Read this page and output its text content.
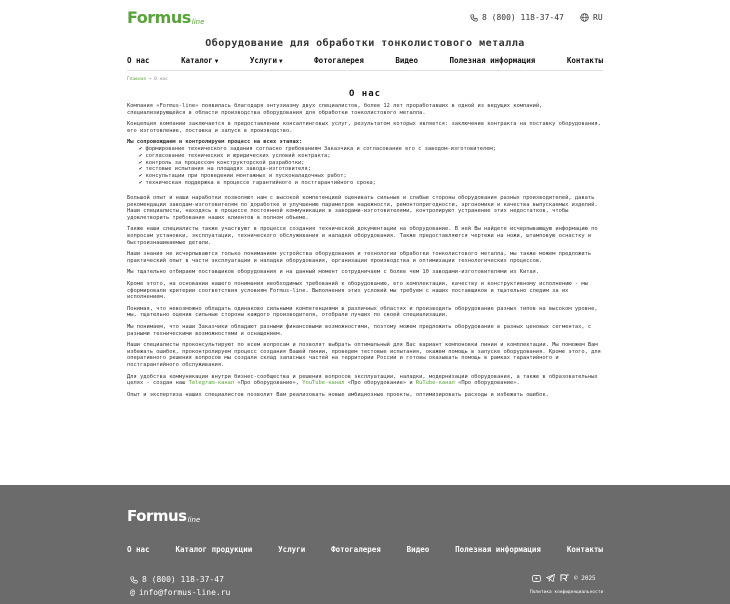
Formus line	8 (800) 118-37-47	RU
Оборудование для обработки тонколистового металла
О нас	Каталог ▼	Услуги ▼	Фотогалерея	Видео	Полезная информация	Контакты
Главная → О нас
О нас

Компания «Formus-line» появилась благодаря энтузиазму двух специалистов, более 12 лет проработавших в одной из ведущих компаний, специализирующейся в области производства оборудования для обработки тонколистового металла.

Концепция компании заключается в предоставлении консалтинговых услуг, результатом которых является: заключение контракта на поставку оборудования, его изготовление, поставка и запуск в производство.

Мы сопровождаем и контролируем процесс на всех этапах:

✔ формирование технического задания согласно требованиям Заказчика и согласование его с заводом-изготовителем;
✔ согласование технических и юридических условий контракта;
✔ контроль за процессом конструкторской разработки;
✔ тестовые испытания на площадях завода-изготовителя;
✔ консультации при проведении монтажных и пусконаладочных работ;
✔ техническая поддержка в процессе гарантийного и постгарантийного срока;

Большой опыт и наши наработки позволяют нам с высокой компетенцией оценивать сильные и слабые стороны оборудования разных производителей, давать рекомендации заводам-изготовителям по доработке и улучшению параметров надежности, ремонтопригодности, эргономики и качества выпускаемых изделий. Наши специалисты, находясь в процессе постоянной коммуникации в заводами-изготовителями, контролируют устранение этих недостатков, чтобы удовлетворить требования наших клиентов в полном объеме.

Также наши специалисты также участвуют в процессе создания технической документации на оборудование. В ней Вы найдете исчерпывающую информацию по вопросам установки, эксплуатации, технического обслуживания и наладки оборудования. Также предоставляются чертежи на ножи, штамповую оснастку и быстроизнашиваемые детали.

Наши знания не исчерпываются только пониманием устройства оборудования и технологии обработки тонколистового металла, мы также можем предложить практический опыт в части эксплуатации и наладки оборудования, организации производства и оптимизации технологических процессов.

Мы тщательно отбираем поставщиков оборудования и на данный момент сотрудничаем с более чем 10 заводами-изготовителями из Китая.

Кроме этого, на основании нашего понимания необходимых требований к оборудованию, его комплектации, качеству и конструктивному исполнению - мы сформировали критерии соответствия условиям Formus-line. Выполнения этих условий мы требуем с наших поставщиков и тщательно следим за их исполнением.

Понимая, что невозможно обладать одинаково сильными компетенциями в различных областях и производить оборудование разных типов на высоком уровне, мы, тщательно оценив сильные стороны каждого производителя, отобрали лучших по своей специализации.

Мы понимаем, что наши Заказчики обладают разными финансовыми возможностями, поэтому можем предложить оборудование в разных ценовых сегментах, с разными техническими возможностями и оснащением.

Наши специалисты проконсультируют по всем вопросам и позволят выбрать оптимальный для Вас вариант компоновки линии и комплектации. Мы поможем Вам избежать ошибок, проконтролируем процесс создания Вашей линии, проведем тестовые испытания, окажем помощь в запуске оборудования. Кроме этого, для оперативного решения вопросов мы создали склад запасных частей на территории России и готовы оказывать помощь в рамках гарантийного и постгарантийного обслуживания.

Для удобства коммуникации внутри бизнес-сообщества и решения вопросов эксплуатации, наладки, модернизации оборудования, а также в образовательных целях - создан наш Telegram-канал «Про оборудование», YouTube-канал «Про оборудование» и RuTube-канал «Про оборудование».

Опыт и экспертиза наших специалистов позволит Вам реализовать новые амбициозные проекты, оптимизировать расходы и избежать ошибок.

Formus line
О нас	Каталог продукции	Услуги	Фотогалерея	Видео	Полезная информация	Контакты
8 (800) 118-37-47
@ info@formus-line.ru
© 2025
Политика конфиденциальности
